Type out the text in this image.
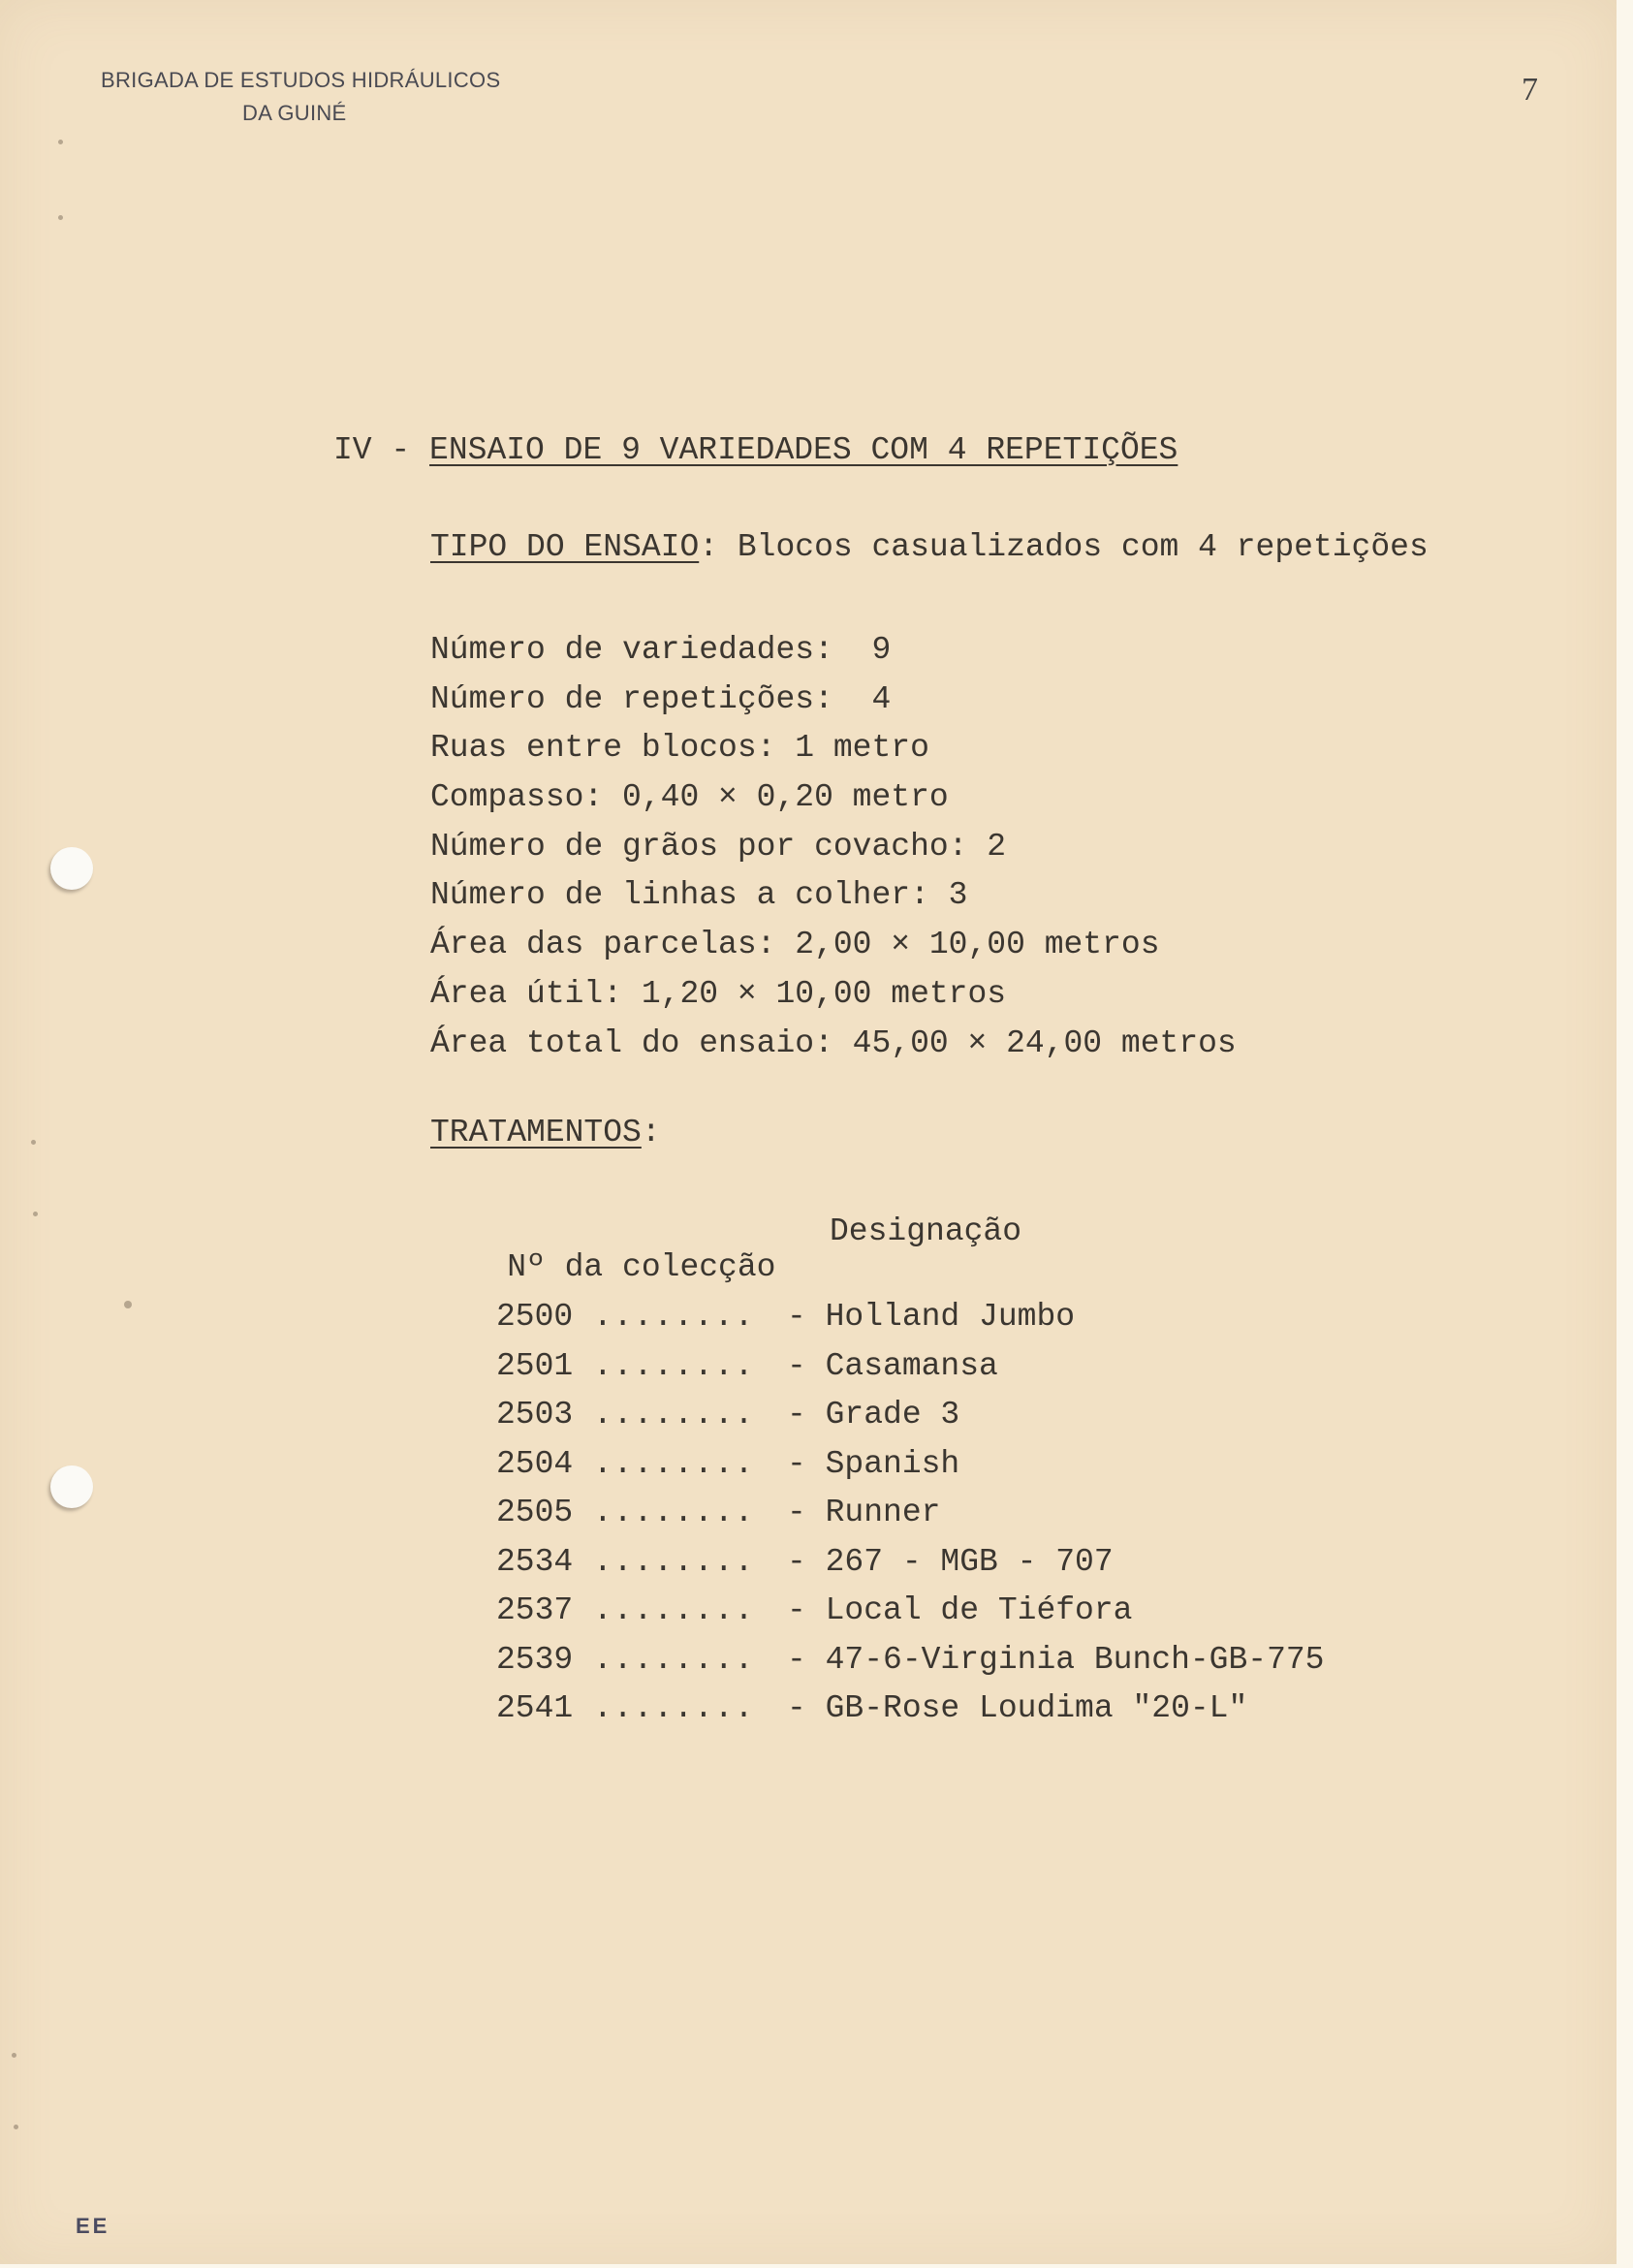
BRIGADA DE ESTUDOS HIDRÁULICOS
DA GUINÉ
7
IV - ENSAIO DE 9 VARIEDADES COM 4 REPETIÇÕES
TIPO DO ENSAIO: Blocos casualizados com 4 repetições
Número de variedades:  9
Número de repetições:  4
Ruas entre blocos: 1 metro
Compasso: 0,40 × 0,20 metro
Número de grãos por covacho: 2
Número de linhas a colher: 3
Área das parcelas: 2,00 × 10,00 metros
Área útil: 1,20 × 10,00 metros
Área total do ensaio: 45,00 × 24,00 metros
TRATAMENTOS:

Nº da colecção

Designação

2500 ........ - Holland Jumbo
2501 ........ - Casamansa
2503 ........ - Grade 3
2504 ........ - Spanish
2505 ........ - Runner
2534 ........ - 267 - MGB - 707
2537 ........ - Local de Tiéfora
2539 ........ - 47-6-Virginia Bunch-GB-775
2541 ........ - GB-Rose Loudima "20-L"
EE
